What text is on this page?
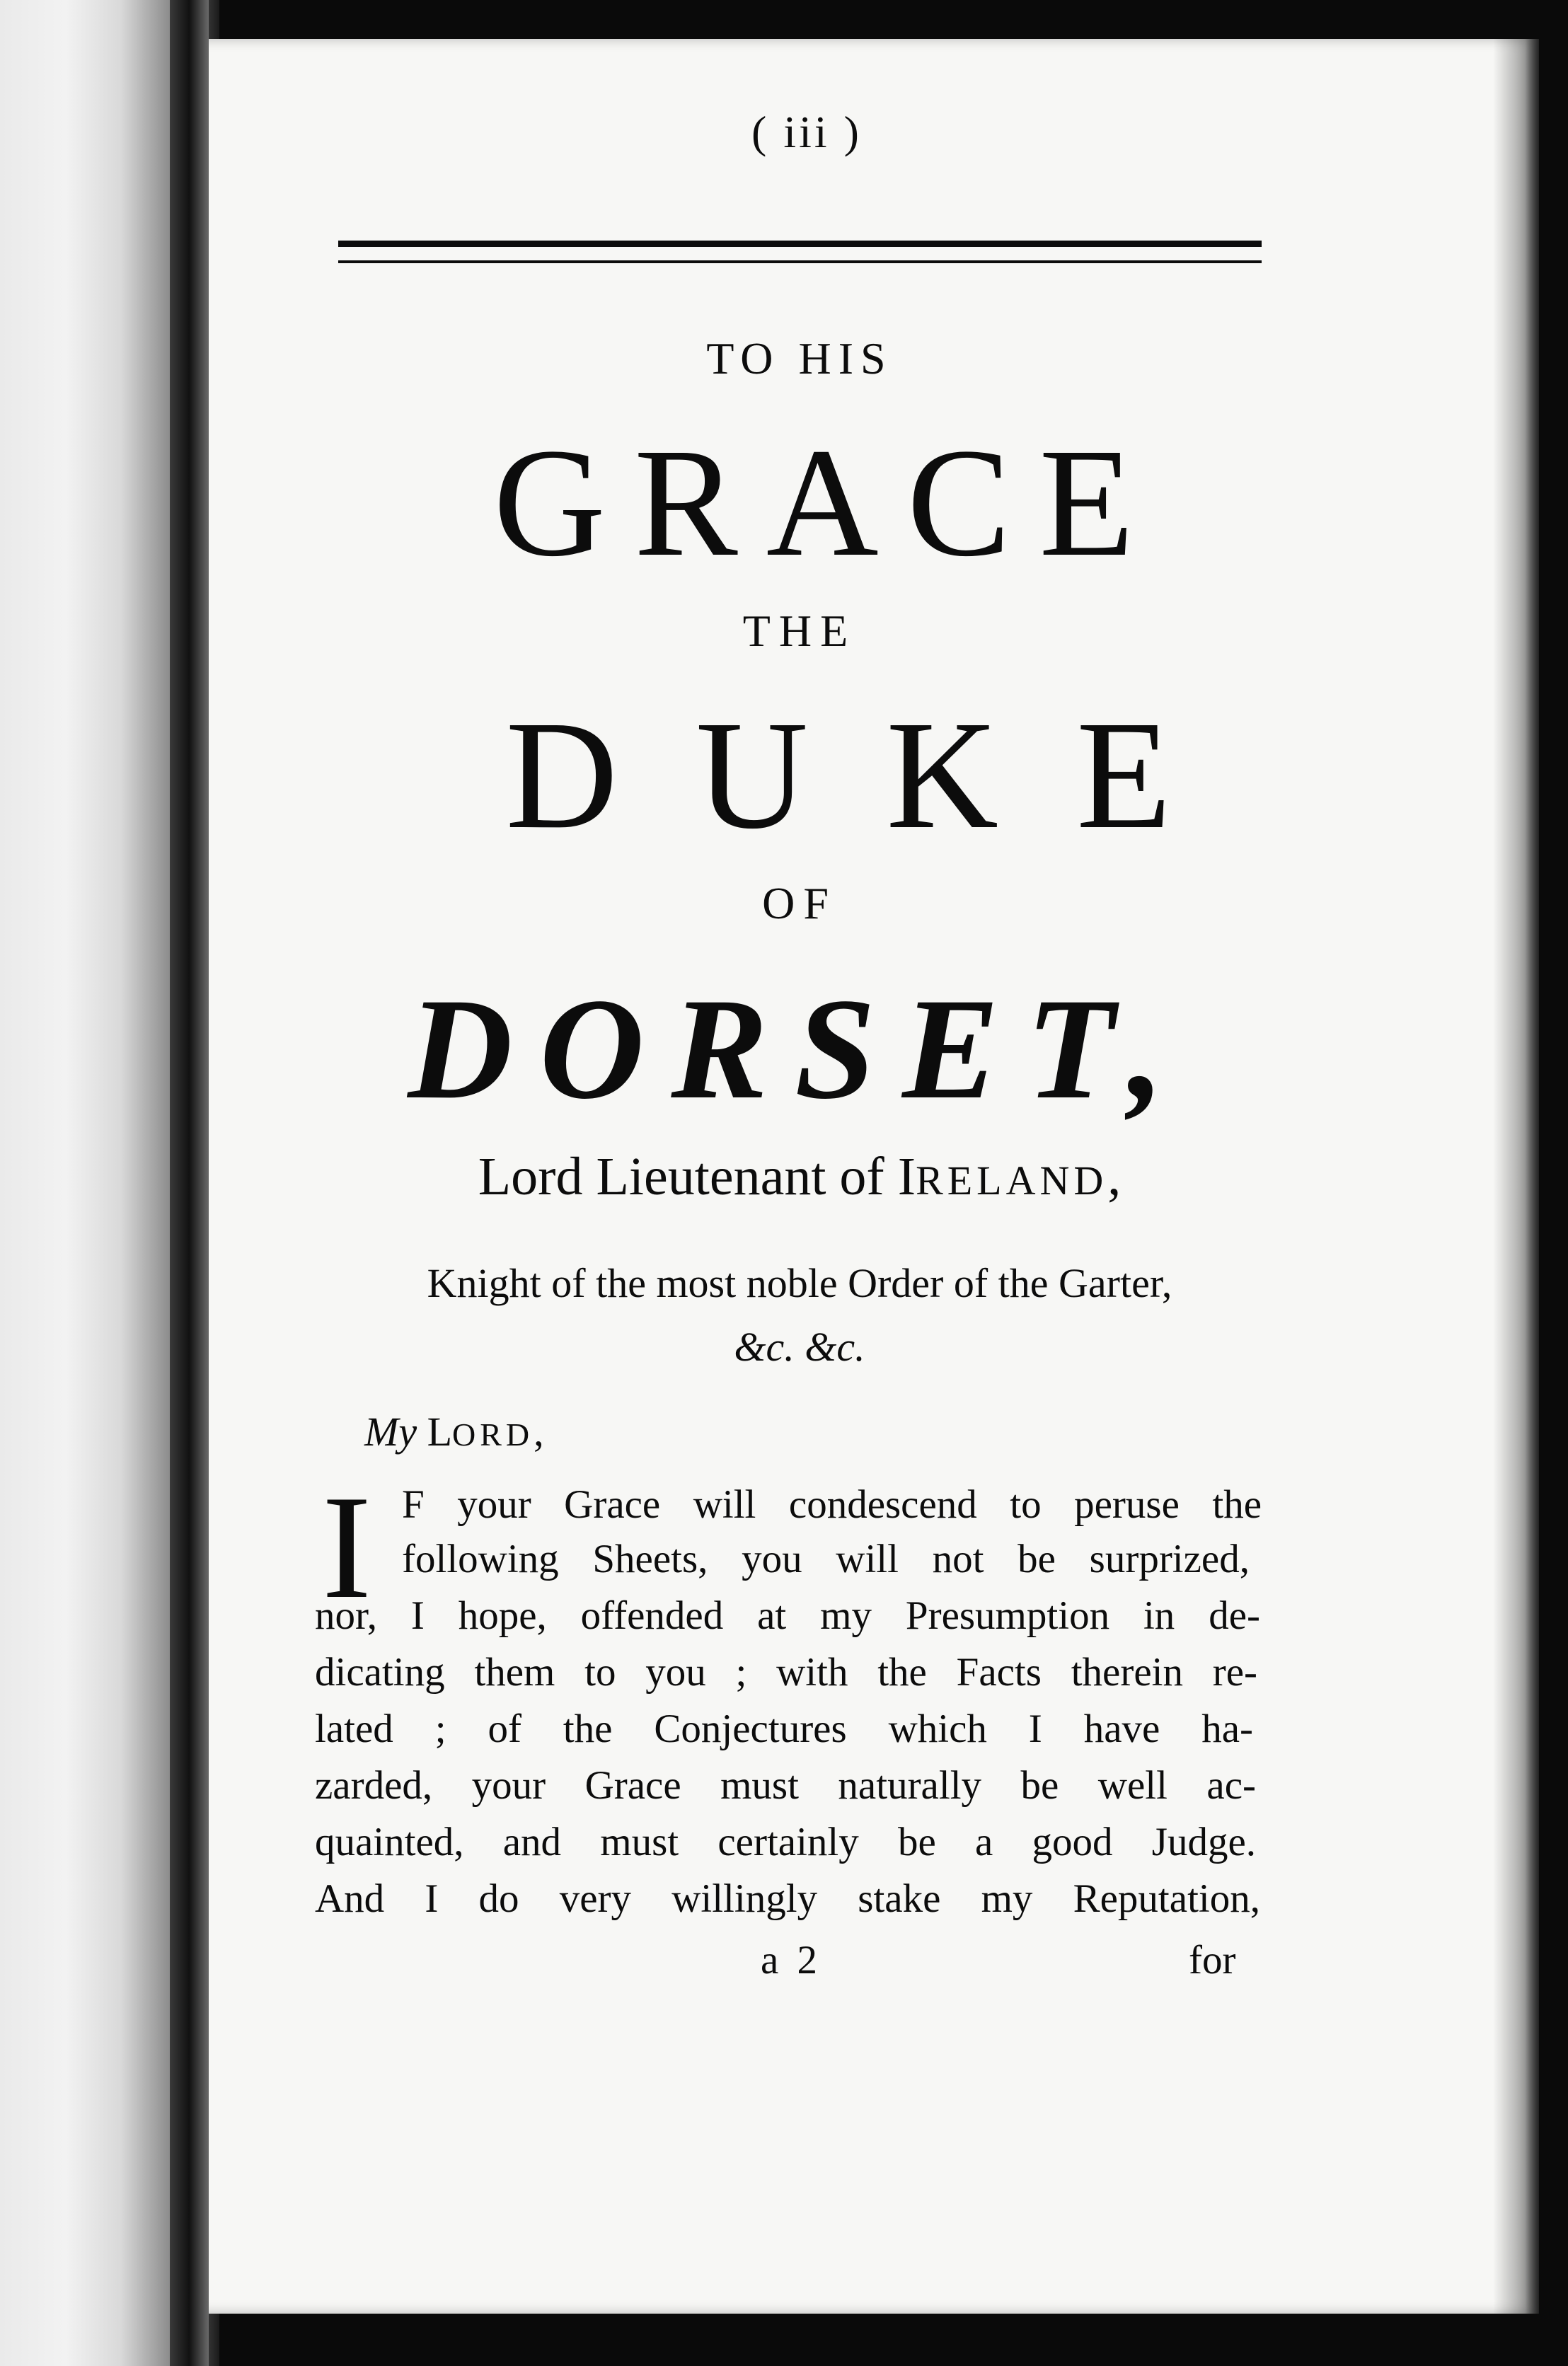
( iii )
TO HIS
GRACE
THE
DUKE
OF
DORSET,
Lord Lieutenant of IRELAND,
Knight of the most noble Order of the Garter,
&c. &c.
My LORD,
I F your Grace will condescend to peruse the
following Sheets, you will not be surprized,
nor, I hope, offended at my Presumption in de-
dicating them to you ; with the Facts therein re-
lated ; of the Conjectures which I have ha-
zarded, your Grace must naturally be well ac-
quainted, and must certainly be a good Judge.
And I do very willingly stake my Reputation,
a 2	for
